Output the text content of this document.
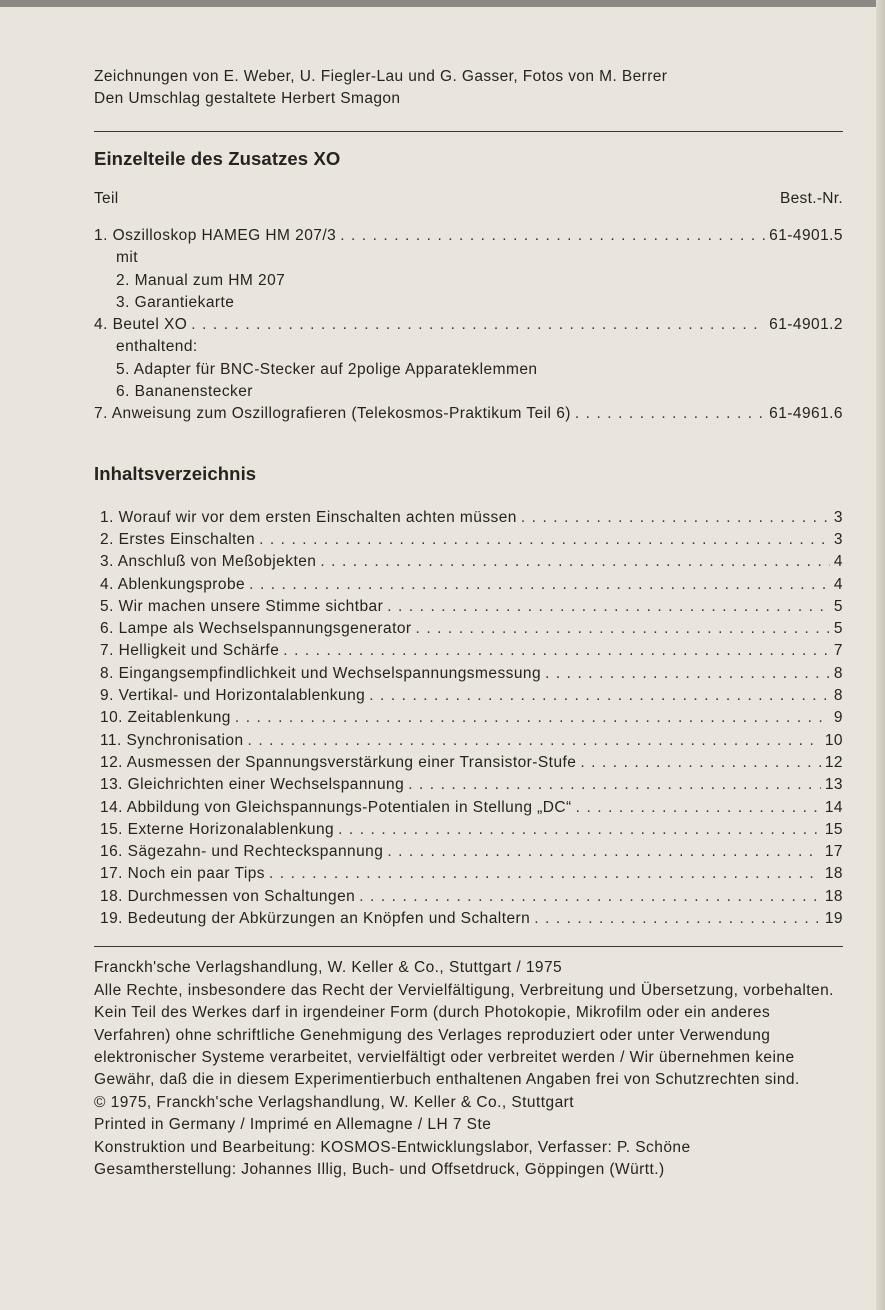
Zeichnungen von E. Weber, U. Fiegler-Lau und G. Gasser, Fotos von M. Berrer
Den Umschlag gestaltete Herbert Smagon
Einzelteile des Zusatzes XO
Teil	Best.-Nr.
1. Oszilloskop HAMEG HM 207/3 .....	61-4901.5
mit
2. Manual zum HM 207
3. Garantiekarte
4. Beutel XO .....	61-4901.2
enthaltend:
5. Adapter für BNC-Stecker auf 2polige Apparateklemmen
6. Bananenstecker
7. Anweisung zum Oszillografieren (Telekosmos-Praktikum Teil 6) .....	61-4961.6
Inhaltsverzeichnis
1. Worauf wir vor dem ersten Einschalten achten müssen .....	3
2. Erstes Einschalten .....	3
3. Anschluß von Meßobjekten .....	4
4. Ablenkungsprobe .....	4
5. Wir machen unsere Stimme sichtbar .....	5
6. Lampe als Wechselspannungsgenerator .....	5
7. Helligkeit und Schärfe .....	7
8. Eingangsempfindlichkeit und Wechselspannungsmessung .....	8
9. Vertikal- und Horizontalablenkung .....	8
10. Zeitablenkung .....	9
11. Synchronisation .....	10
12. Ausmessen der Spannungsverstärkung einer Transistor-Stufe .....	12
13. Gleichrichten einer Wechselspannung .....	13
14. Abbildung von Gleichspannungs-Potentialen in Stellung „DC“ .....	14
15. Externe Horizonalablenkung .....	15
16. Sägezahn- und Rechteckspannung .....	17
17. Noch ein paar Tips .....	18
18. Durchmessen von Schaltungen .....	18
19. Bedeutung der Abkürzungen an Knöpfen und Schaltern .....	19

Franckh'sche Verlagshandlung, W. Keller & Co., Stuttgart / 1975

Alle Rechte, insbesondere das Recht der Vervielfältigung, Verbreitung und Übersetzung, vorbehalten. Kein Teil des Werkes darf in irgendeiner Form (durch Photokopie, Mikrofilm oder ein anderes Verfahren) ohne schriftliche Genehmigung des Verlages reproduziert oder unter Verwendung elektronischer Systeme verarbeitet, vervielfältigt oder verbreitet werden / Wir übernehmen keine Gewähr, daß die in diesem Experimentierbuch enthaltenen Angaben frei von Schutzrechten sind.

© 1975, Franckh'sche Verlagshandlung, W. Keller & Co., Stuttgart

Printed in Germany / Imprimé en Allemagne / LH 7 Ste

Konstruktion und Bearbeitung: KOSMOS-Entwicklungslabor, Verfasser: P. Schöne

Gesamtherstellung: Johannes Illig, Buch- und Offsetdruck, Göppingen (Württ.)
